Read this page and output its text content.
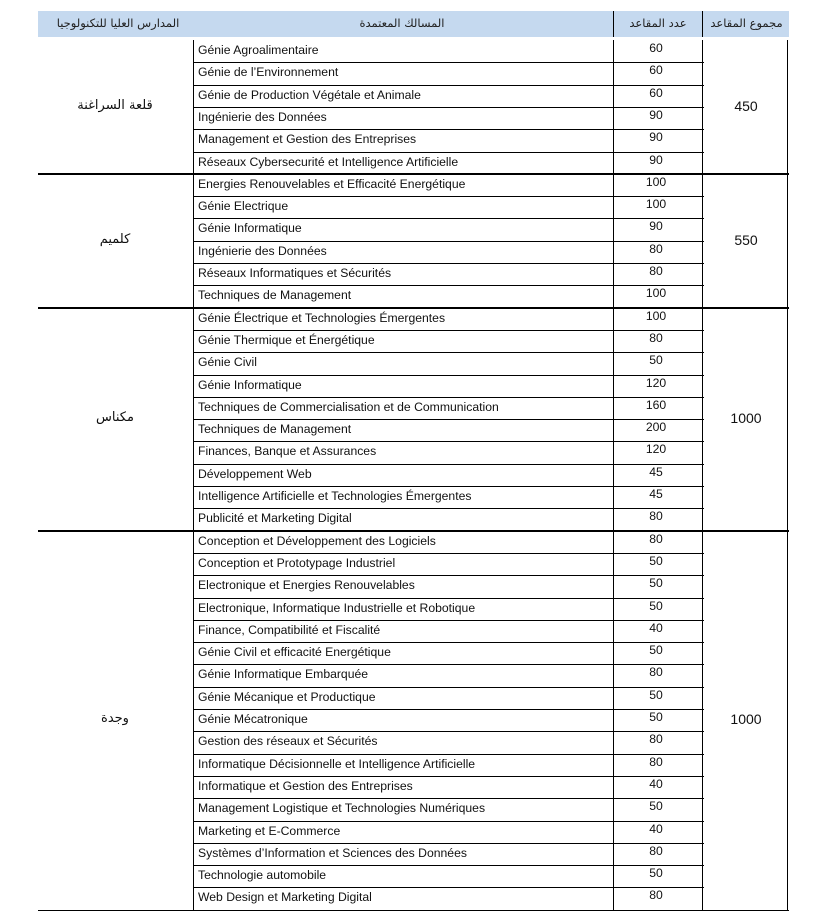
المدارس العليا للتكنولوجيا	المسالك المعتمدة	عدد المقاعد	مجموع المقاعد
Génie Agroalimentaire	60
Génie de l’Environnement	60
Génie de Production Végétale et Animale	60
Ingénierie des Données	90
Management et Gestion des Entreprises	90
Réseaux Cybersecurité et Intelligence Artificielle	90
قلعة السراغنة	450
Energies Renouvelables et Efficacité Energétique	100
Génie Electrique	100
Génie Informatique	90
Ingénierie des Données	80
Réseaux Informatiques et Sécurités	80
Techniques de Management	100
كلميم	550
Génie Électrique et Technologies Émergentes	100
Génie Thermique et Énergétique	80
Génie Civil	50
Génie Informatique	120
Techniques de Commercialisation et de Communication	160
Techniques de Management	200
Finances, Banque et Assurances	120
Développement Web	45
Intelligence Artificielle et Technologies Émergentes	45
Publicité et Marketing Digital	80
مكناس	1000
Conception et Développement des Logiciels	80
Conception et Prototypage Industriel	50
Electronique et Energies Renouvelables	50
Electronique, Informatique Industrielle et Robotique	50
Finance, Compatibilité et Fiscalité	40
Génie Civil et efficacité Energétique	50
Génie Informatique Embarquée	80
Génie Mécanique et Productique	50
Génie Mécatronique	50
Gestion des réseaux et Sécurités	80
Informatique Décisionnelle et Intelligence Artificielle	80
Informatique et Gestion des Entreprises	40
Management Logistique et Technologies Numériques	50
Marketing et E-Commerce	40
Systèmes d’Information et Sciences des Données	80
Technologie automobile	50
Web Design et Marketing Digital	80
وجدة	1000
